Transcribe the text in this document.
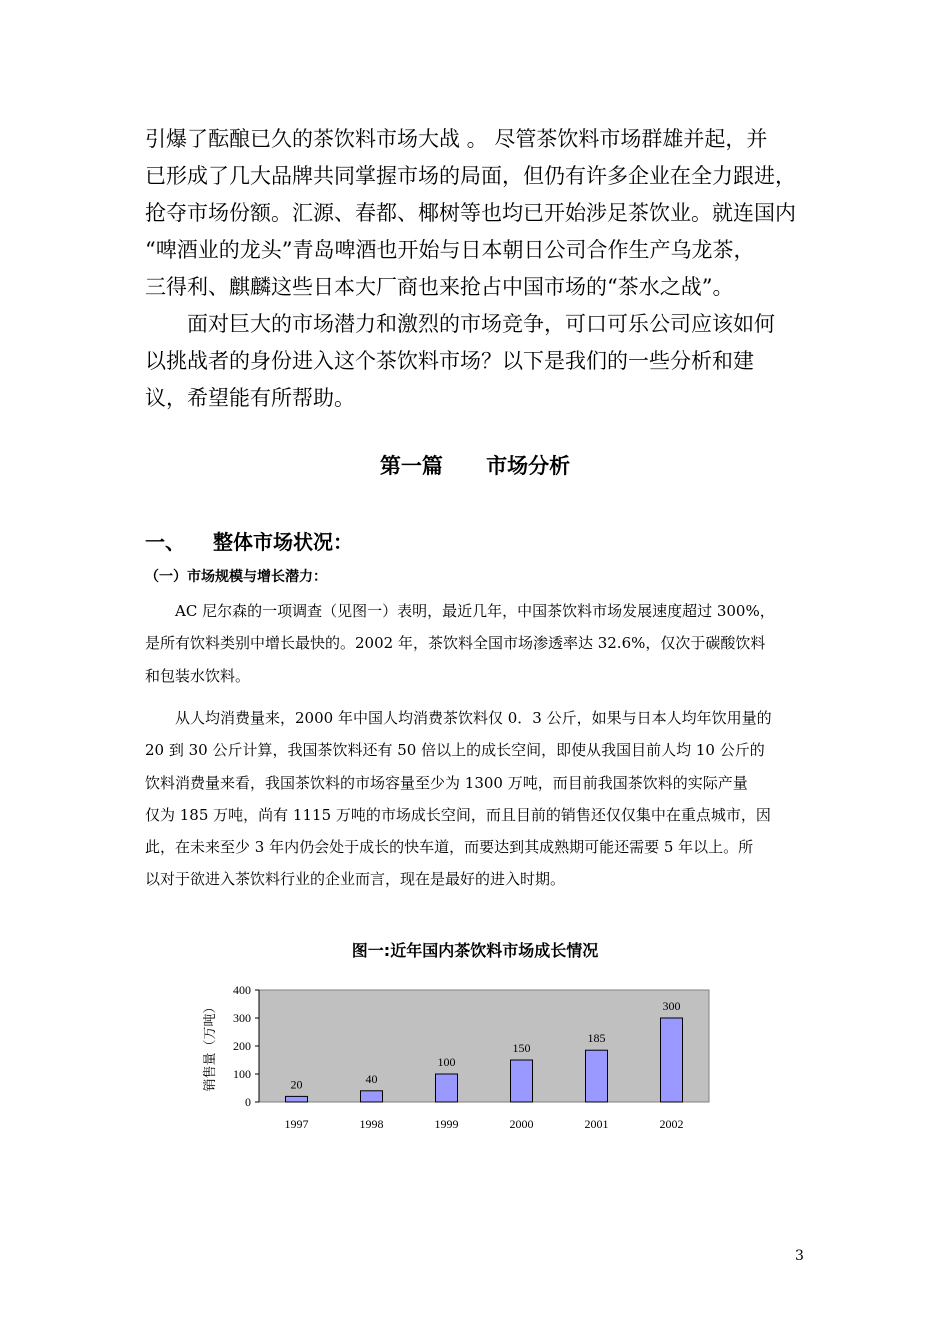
引爆了酝酿已久的茶饮料市场大战 。 尽管茶饮料市场群雄并起，并
已形成了几大品牌共同掌握市场的局面，但仍有许多企业在全力跟进，
抢夺市场份额。汇源、春都、椰树等也均已开始涉足茶饮业。就连国内
“啤酒业的龙头”青岛啤酒也开始与日本朝日公司合作生产乌龙茶，
三得利、麒麟这些日本大厂商也来抢占中国市场的“茶水之战”。
面对巨大的市场潜力和激烈的市场竞争，可口可乐公司应该如何
以挑战者的身份进入这个茶饮料市场？以下是我们的一些分析和建
议，希望能有所帮助。
第一篇 市场分析
一、 整体市场状况：
（一）市场规模与增长潜力：
AC 尼尔森的一项调查（见图一）表明，最近几年，中国茶饮料市场发展速度超过 300%，
是所有饮料类别中增长最快的。2002 年，茶饮料全国市场渗透率达 32.6%，仅次于碳酸饮料
和包装水饮料。
从人均消费量来，2000 年中国人均消费茶饮料仅 0．3 公斤，如果与日本人均年饮用量的
20 到 30 公斤计算，我国茶饮料还有 50 倍以上的成长空间，即使从我国目前人均 10 公斤的
饮料消费量来看，我国茶饮料的市场容量至少为 1300 万吨，而目前我国茶饮料的实际产量
仅为 185 万吨，尚有 1115 万吨的市场成长空间，而且目前的销售还仅仅集中在重点城市，因
此，在未来至少 3 年内仍会处于成长的快车道，而要达到其成熟期可能还需要 5 年以上。所
以对于欲进入茶饮料行业的企业而言，现在是最好的进入时期。
图一:近年国内茶饮料市场成长情况
0
100
200
300
400
销售量（万吨）	20
1997
40
1998
100
1999
150
2000
185
2001
300
2002
3
